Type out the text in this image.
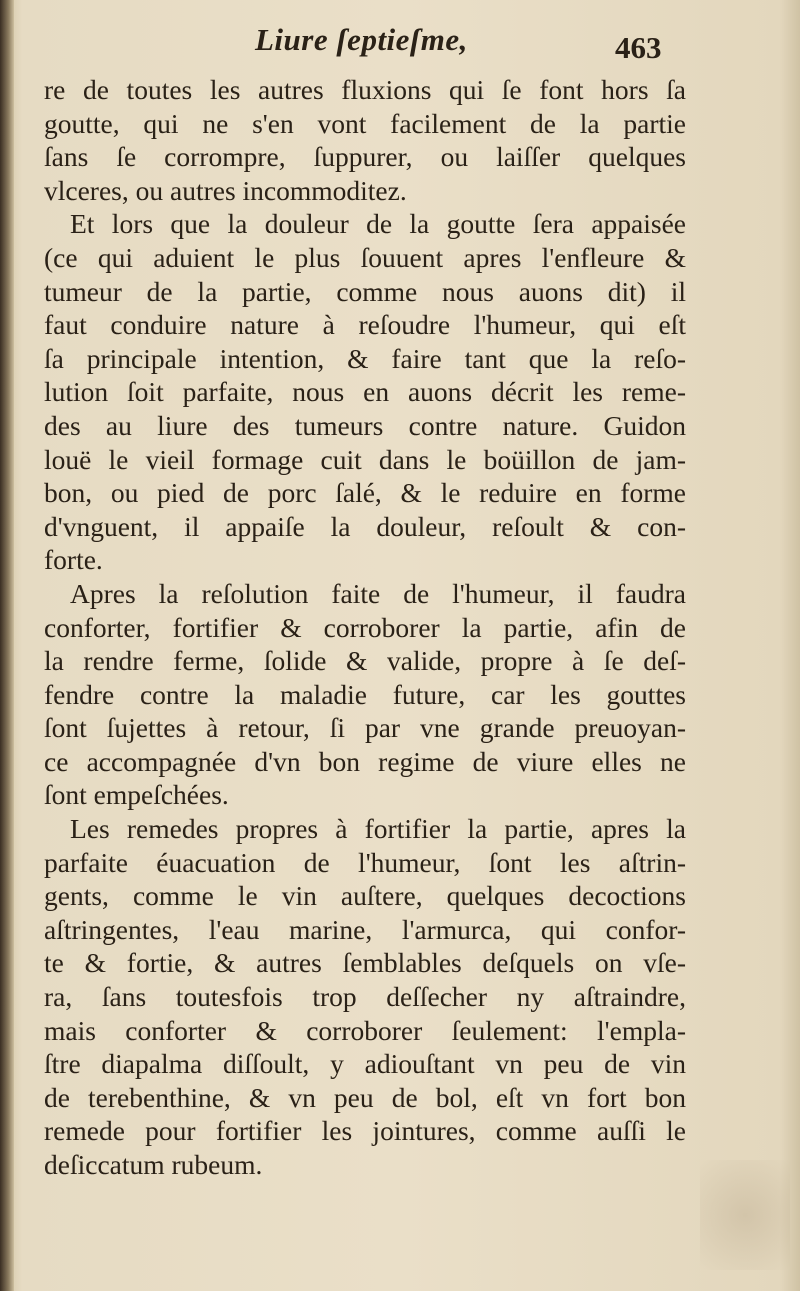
Liure ſeptieſme,	463
re de toutes les autres fluxions qui ſe font hors ſa
goutte, qui ne s'en vont facilement de la partie
ſans ſe corrompre, ſuppurer, ou laiſſer quelques
vlceres, ou autres incommoditez.
Et lors que la douleur de la goutte ſera appaisée
(ce qui aduient le plus ſouuent apres l'enfleure &
tumeur de la partie, comme nous auons dit) il
faut conduire nature à reſoudre l'humeur, qui eſt
ſa principale intention, & faire tant que la reſo-
lution ſoit parfaite, nous en auons décrit les reme-
des au liure des tumeurs contre nature. Guidon
louë le vieil formage cuit dans le boüillon de jam-
bon, ou pied de porc ſalé, & le reduire en forme
d'vnguent, il appaiſe la douleur, reſoult & con-
forte.
Apres la reſolution faite de l'humeur, il faudra
conforter, fortifier & corroborer la partie, afin de
la rendre ferme, ſolide & valide, propre à ſe deſ-
fendre contre la maladie future, car les gouttes
ſont ſujettes à retour, ſi par vne grande preuoyan-
ce accompagnée d'vn bon regime de viure elles ne
ſont empeſchées.
Les remedes propres à fortifier la partie, apres la
parfaite éuacuation de l'humeur, ſont les aſtrin-
gents, comme le vin auſtere, quelques decoctions
aſtringentes, l'eau marine, l'armurca, qui confor-
te & fortie, & autres ſemblables deſquels on vſe-
ra, ſans toutesfois trop deſſecher ny aſtraindre,
mais conforter & corroborer ſeulement: l'empla-
ſtre diapalma diſſoult, y adiouſtant vn peu de vin
de terebenthine, & vn peu de bol, eſt vn fort bon
remede pour fortifier les jointures, comme auſſi le
deſiccatum rubeum.
